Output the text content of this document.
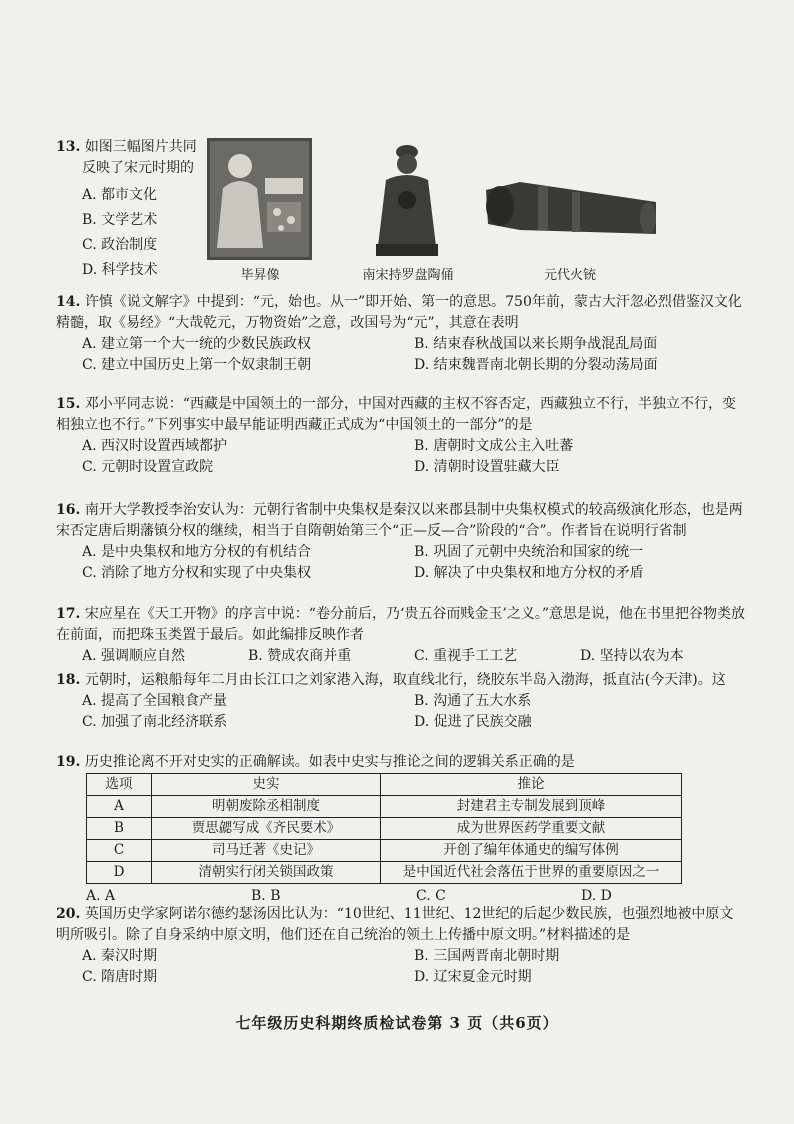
13. 如图三幅图片共同
反映了宋元时期的
A. 都市文化
B. 文学艺术
C. 政治制度
D. 科学技术	毕昇像	南宋持罗盘陶俑	元代火铳

14. 许慎《说文解字》中提到：“元，始也。从一”即开始、第一的意思。750年前，蒙古大汗忽必烈借鉴汉文化精髓，取《易经》“大哉乾元，万物资始”之意，改国号为“元”，其意在表明

A. 建立第一个大一统的少数民族政权	B. 结束春秋战国以来长期争战混乱局面
C. 建立中国历史上第一个奴隶制王朝	D. 结束魏晋南北朝长期的分裂动荡局面

15. 邓小平同志说：“西藏是中国领土的一部分，中国对西藏的主权不容否定，西藏独立不行，半独立不行，变相独立也不行。”下列事实中最早能证明西藏正式成为“中国领土的一部分”的是

A. 西汉时设置西域都护	B. 唐朝时文成公主入吐蕃
C. 元朝时设置宣政院	D. 清朝时设置驻藏大臣

16. 南开大学教授李治安认为：元朝行省制中央集权是秦汉以来郡县制中央集权模式的较高级演化形态，也是两宋否定唐后期藩镇分权的继续，相当于自隋朝始第三个“正—反—合”阶段的“合”。作者旨在说明行省制

A. 是中央集权和地方分权的有机结合	B. 巩固了元朝中央统治和国家的统一
C. 消除了地方分权和实现了中央集权	D. 解决了中央集权和地方分权的矛盾

17. 宋应星在《天工开物》的序言中说：“卷分前后，乃‘贵五谷而贱金玉’之义。”意思是说，他在书里把谷物类放在前面，而把珠玉类置于最后。如此编排反映作者

A. 强调顺应自然	B. 赞成农商并重	C. 重视手工工艺	D. 坚持以农为本

18. 元朝时，运粮船每年二月由长江口之刘家港入海，取直线北行，绕胶东半岛入渤海，抵直沽(今天津)。这

A. 提高了全国粮食产量	B. 沟通了五大水系
C. 加强了南北经济联系	D. 促进了民族交融

19. 历史推论离不开对史实的正确解读。如表中史实与推论之间的逻辑关系正确的是

选项	史实	推论
A	明朝废除丞相制度	封建君主专制发展到顶峰
B	贾思勰写成《齐民要术》	成为世界医药学重要文献
C	司马迁著《史记》	开创了编年体通史的编写体例
D	清朝实行闭关锁国政策	是中国近代社会落伍于世界的重要原因之一
A. A	B. B	C. C	D. D

20. 英国历史学家阿诺尔德约瑟汤因比认为：“10世纪、11世纪、12世纪的后起少数民族，也强烈地被中原文明所吸引。除了自身采纳中原文明，他们还在自己统治的领土上传播中原文明。”材料描述的是

A. 秦汉时期	B. 三国两晋南北朝时期
C. 隋唐时期	D. 辽宋夏金元时期
七年级历史科期终质检试卷第 3 页（共6页）
